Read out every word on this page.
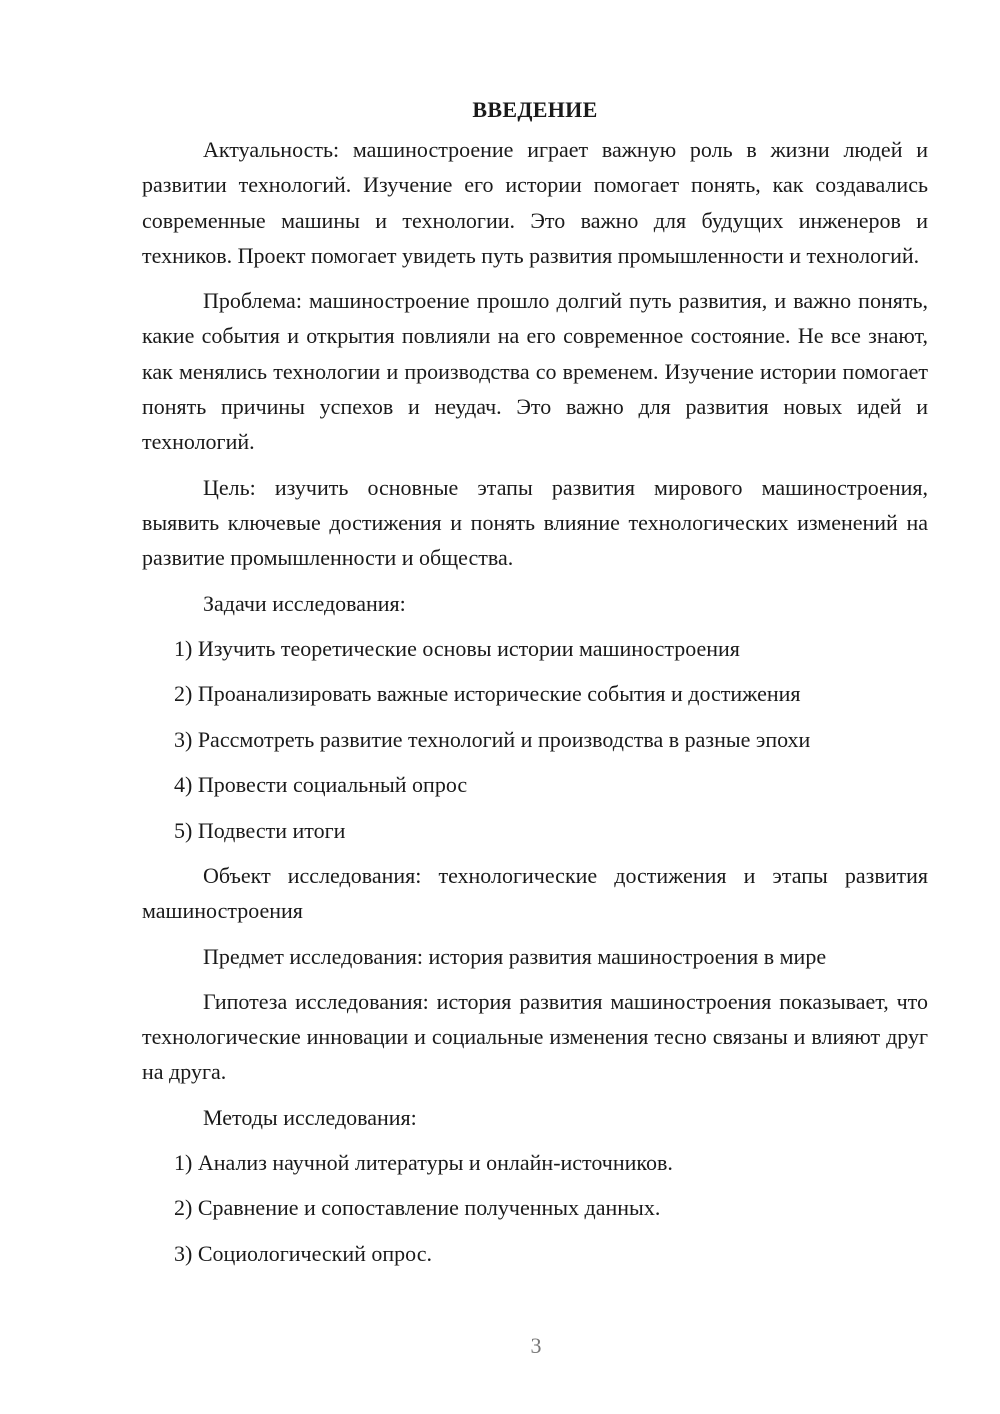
ВВЕДЕНИЕ

Актуальность: машиностроение играет важную роль в жизни людей и развитии технологий. Изучение его истории помогает понять, как создавались современные машины и технологии. Это важно для будущих инженеров и техников. Проект помогает увидеть путь развития промышленности и технологий.

Проблема: машиностроение прошло долгий путь развития, и важно понять, какие события и открытия повлияли на его современное состояние. Не все знают, как менялись технологии и производства со временем. Изучение истории помогает понять причины успехов и неудач. Это важно для развития новых идей и технологий.

Цель: изучить основные этапы развития мирового машиностроения, выявить ключевые достижения и понять влияние технологических изменений на развитие промышленности и общества.

Задачи исследования:

1) Изучить теоретические основы истории машиностроения

2) Проанализировать важные исторические события и достижения

3) Рассмотреть развитие технологий и производства в разные эпохи

4) Провести социальный опрос

5) Подвести итоги

Объект исследования: технологические достижения и этапы развития машиностроения

Предмет исследования: история развития машиностроения в мире

Гипотеза исследования: история развития машиностроения показывает, что технологические инновации и социальные изменения тесно связаны и влияют друг на друга.

Методы исследования:

1) Анализ научной литературы и онлайн-источников.

2) Сравнение и сопоставление полученных данных.

3) Социологический опрос.

3
